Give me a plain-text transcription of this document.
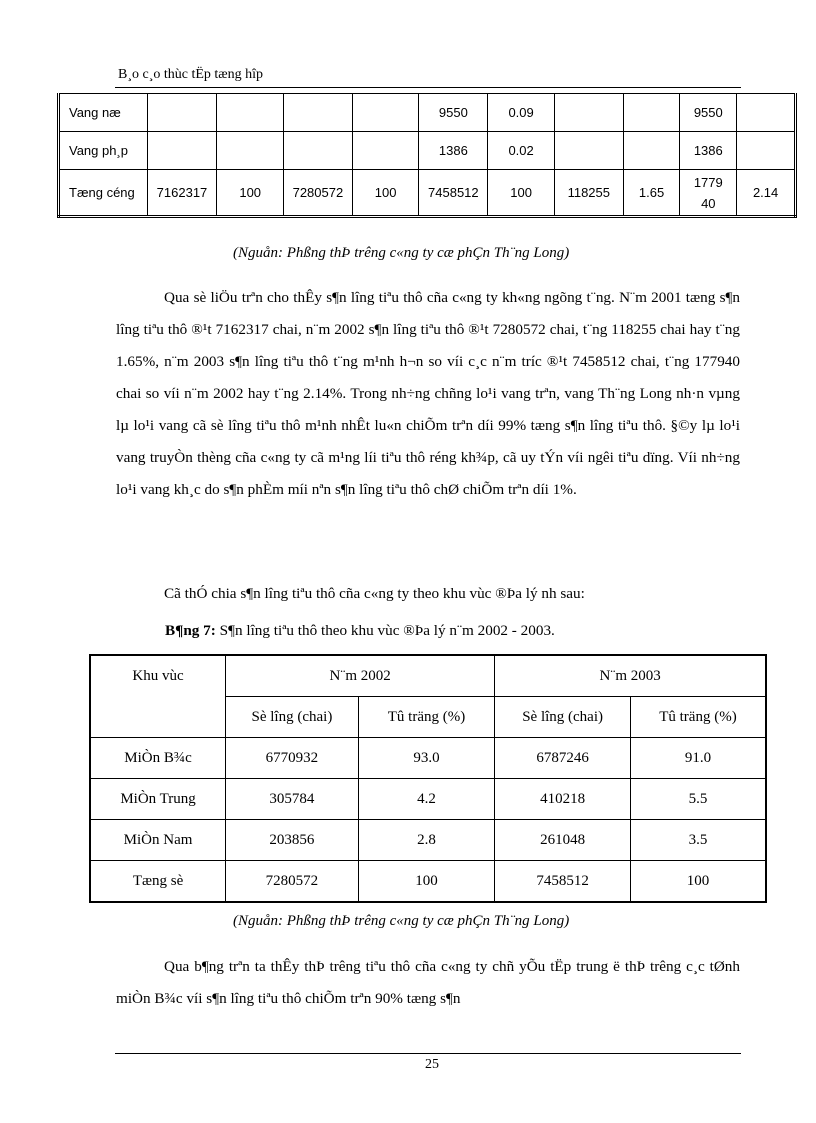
B¸o c¸o thùc tËp tæng hîp
Vang næ					9550	0.09			9550	
Vang ph¸p					1386	0.02			1386	
Tæng céng	7162317	100	7280572	100	7458512	100	118255	1.65	177940	2.14
(Nguån: Phßng thÞ trêng c«ng ty cæ phÇn Th¨ng Long)

Qua sè liÖu trªn cho thÊy s¶n lîng tiªu thô cña c«ng ty kh«ng ngõng t¨ng. N¨m 2001 tæng s¶n lîng tiªu thô ®¹t 7162317 chai, n¨m 2002 s¶n lîng tiªu thô ®¹t 7280572 chai, t¨ng 118255 chai hay t¨ng 1.65%, n¨m 2003 s¶n lîng tiªu thô t¨ng m¹nh h¬n so víi c¸c n¨m tríc ®¹t 7458512 chai, t¨ng 177940 chai so víi n¨m 2002 hay t¨ng 2.14%. Trong nh÷ng chñng lo¹i vang trªn, vang Th¨ng Long nh·n vµng lµ lo¹i vang cã sè lîng tiªu thô m¹nh nhÊt lu«n chiÕm trªn díi 99% tæng s¶n lîng tiªu thô. §©y lµ lo¹i vang truyÒn thèng cña c«ng ty cã m¹ng líi tiªu thô réng kh¾p, cã uy tÝn víi ngêi tiªu dïng. Víi nh÷ng lo¹i vang kh¸c do s¶n phÈm míi nªn s¶n lîng tiªu thô chØ chiÕm trªn díi 1%.

Cã thÓ chia s¶n lîng tiªu thô cña c«ng ty theo khu vùc ®Þa lý nh sau:

B¶ng 7: S¶n lîng tiªu thô theo khu vùc ®Þa lý n¨m 2002 - 2003.
Khu vùc	N¨m 2002		N¨m 2003	
	Sè lîng (chai)	Tû träng (%)	Sè lîng (chai)	Tû träng (%)
MiÒn B¾c	6770932	93.0	6787246	91.0
MiÒn Trung	305784	4.2	410218	5.5
MiÒn Nam	203856	2.8	261048	3.5
Tæng sè	7280572	100	7458512	100
(Nguån: Phßng thÞ trêng c«ng ty cæ phÇn Th¨ng Long)

Qua b¶ng trªn ta thÊy thÞ trêng tiªu thô cña c«ng ty chñ yÕu tËp trung ë thÞ trêng c¸c tØnh miÒn B¾c víi s¶n lîng tiªu thô chiÕm trªn 90% tæng s¶n

25
